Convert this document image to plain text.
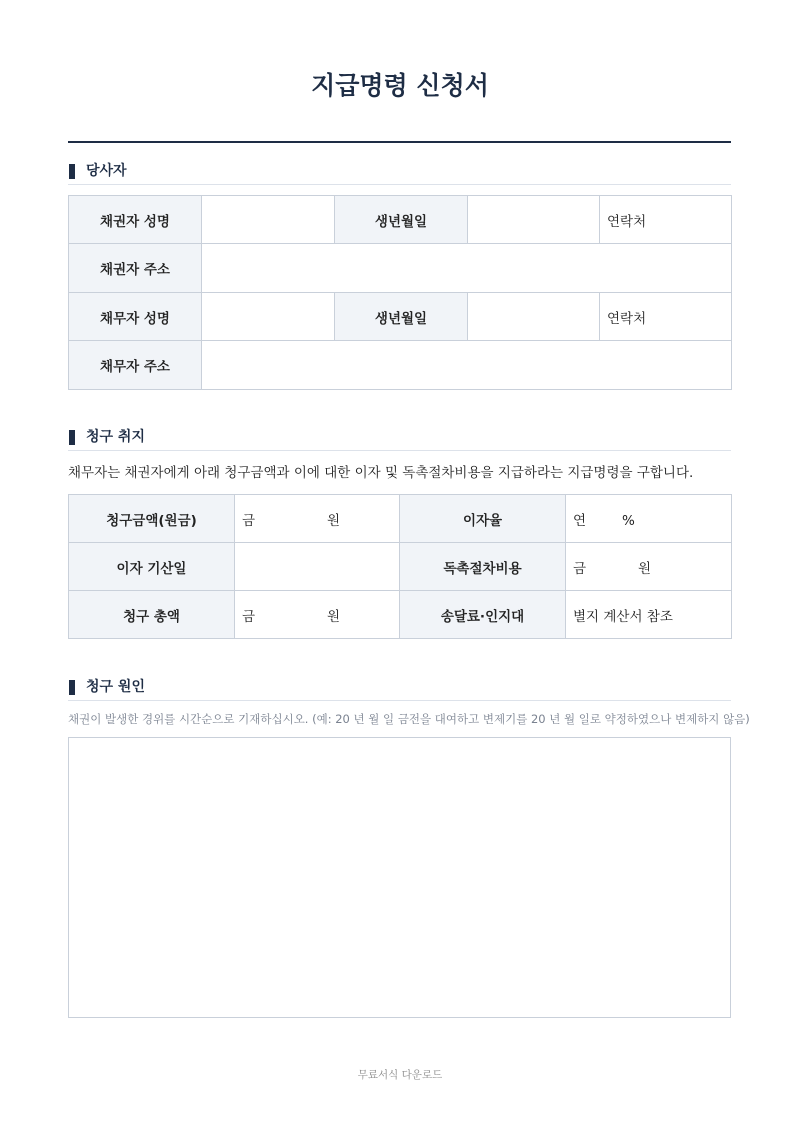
지급명령 신청서
당사자
채권자 성명		생년월일		연락처
채권자 주소				
채무자 성명		생년월일		연락처
채무자 주소				
청구 취지
채무자는 채권자에게 아래 청구금액과 이에 대한 이자 및 독촉절차비용을 지급하라는 지급명령을 구합니다.
청구금액(원금)	금 원	이자율	연 %
이자 기산일		독촉절차비용	금 원
청구 총액	금 원	송달료·인지대	별지 계산서 참조
청구 원인
채권이 발생한 경위를 시간순으로 기재하십시오. (예: 20 년 월 일 금전을 대여하고 변제기를 20 년 월 일로 약정하였으나 변제하지 않음)
무료서식 다운로드
